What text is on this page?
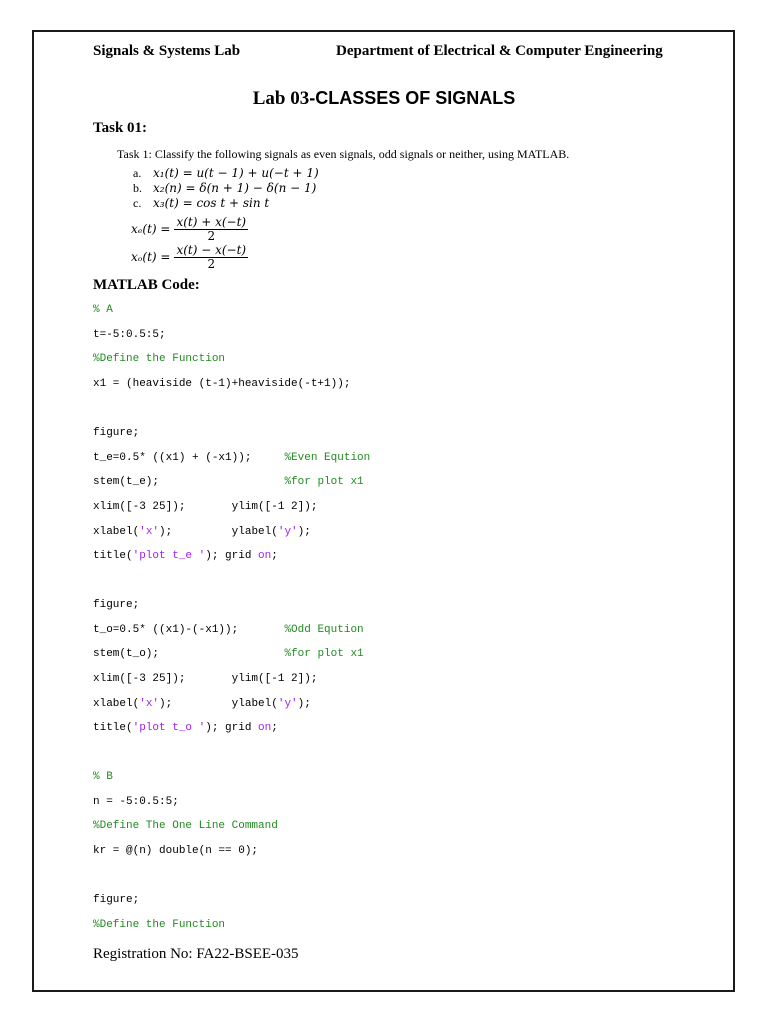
Signals & Systems Lab	Department of Electrical & Computer Engineering
Lab 03-CLASSES OF SIGNALS
Task 01:
Task 1: Classify the following signals as even signals, odd signals or neither, using MATLAB.
a. x₁(t) = u(t − 1) + u(−t + 1)
b. x₂(n) = δ(n + 1) − δ(n − 1)
c. x₃(t) = cos t + sin t
$x_e(t) = \frac{x(t) + x(-t)}{2}$
$x_o(t) = \frac{x(t) - x(-t)}{2}$
MATLAB Code:
% A
t=-5:0.5:5;
%Define the Function
x1 = (heaviside (t-1)+heaviside(-t+1));
figure;
t_e=0.5* ((x1) + (-x1));     %Even Eqution
stem(t_e);                   %for plot x1
xlim([-3 25]);       ylim([-1 2]);
xlabel('x');         ylabel('y');
title('plot t_e '); grid on;
figure;
t_o=0.5* ((x1)-(-x1));       %Odd Eqution
stem(t_o);                   %for plot x1
xlim([-3 25]);       ylim([-1 2]);
xlabel('x');         ylabel('y');
title('plot t_o '); grid on;
% B
n = -5:0.5:5;
%Define The One Line Command
kr = @(n) double(n == 0);
figure;
%Define the Function
Registration No: FA22-BSEE-035
